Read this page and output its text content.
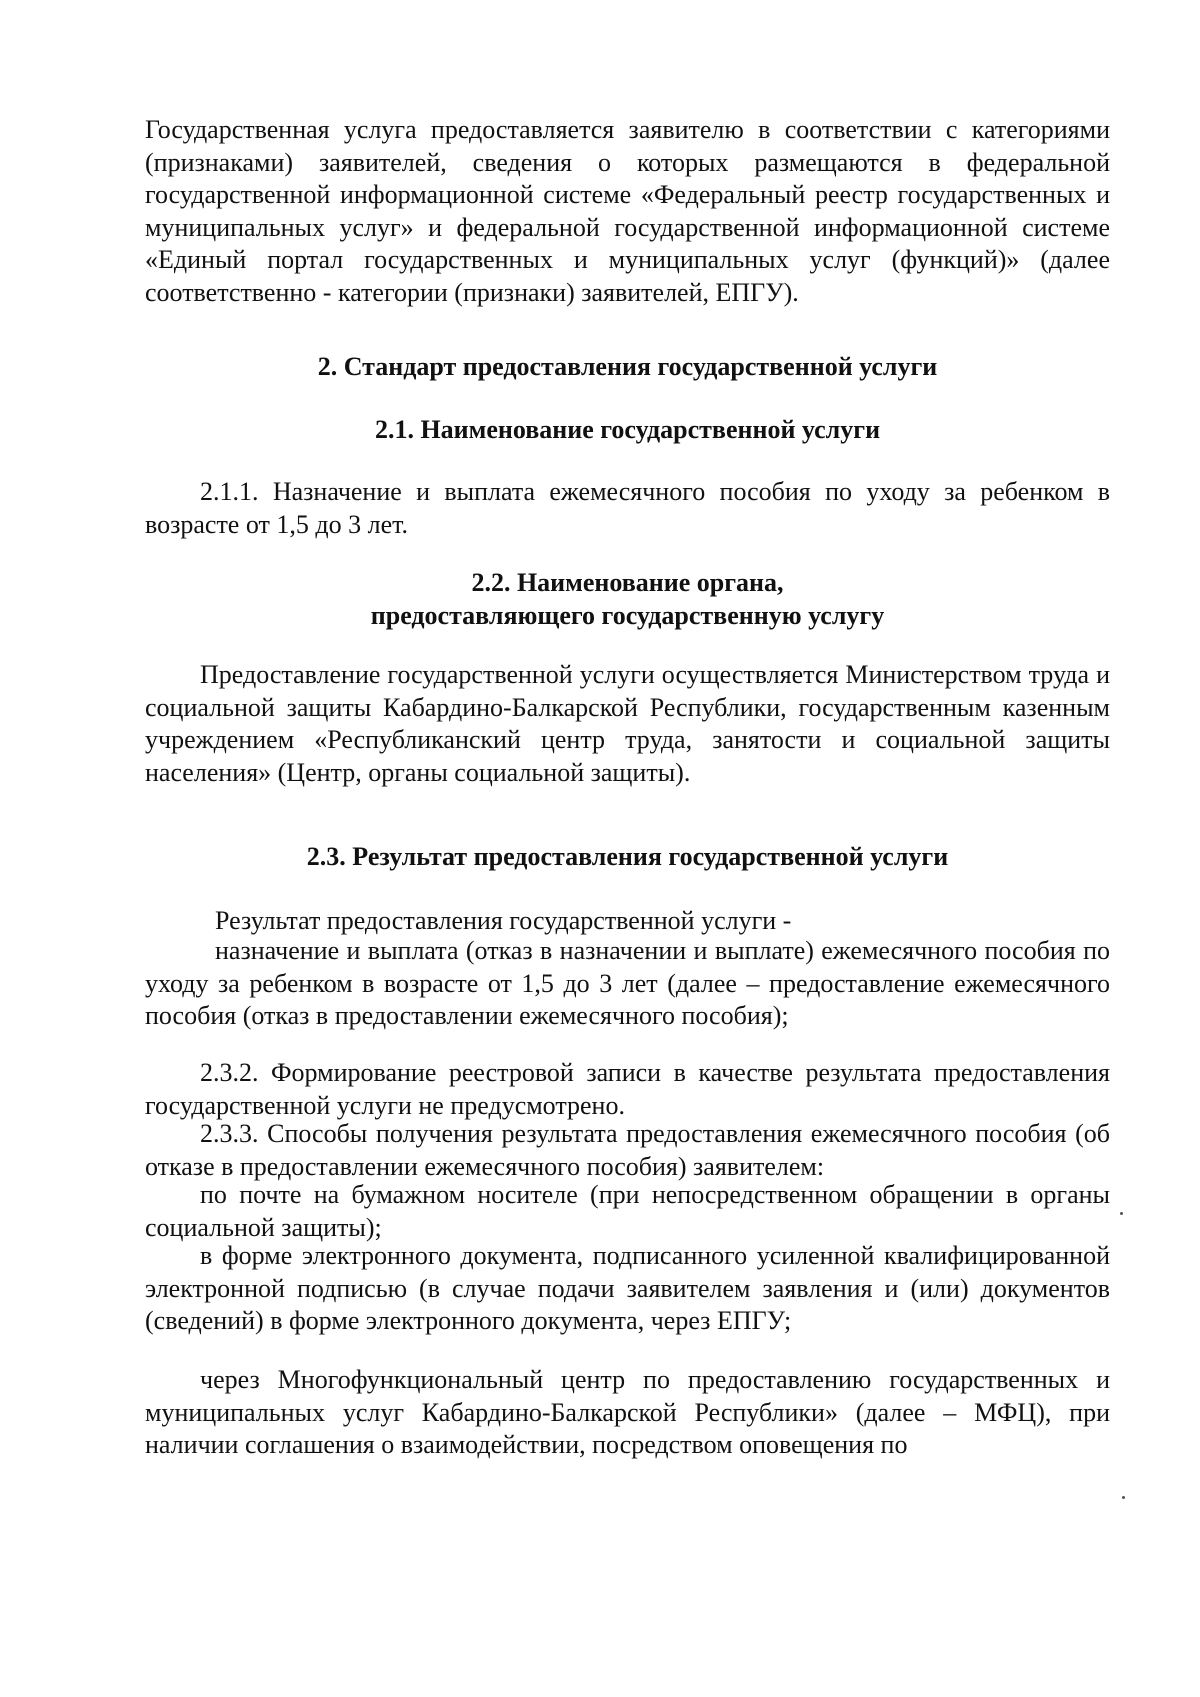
Государственная услуга предоставляется заявителю в соответствии с категориями (признаками) заявителей, сведения о которых размещаются в федеральной государственной информационной системе «Федеральный реестр государственных и муниципальных услуг» и федеральной государственной информационной системе «Единый портал государственных и муниципальных услуг (функций)» (далее соответственно - категории (признаки) заявителей, ЕПГУ).
2. Стандарт предоставления государственной услуги
2.1. Наименование государственной услуги
2.1.1. Назначение и выплата ежемесячного пособия по уходу за ребенком в возрасте от 1,5 до 3 лет.
2.2. Наименование органа,
предоставляющего государственную услугу
Предоставление государственной услуги осуществляется Министерством труда и социальной защиты Кабардино-Балкарской Республики, государственным казенным учреждением «Республиканский центр труда, занятости и социальной защиты населения» (Центр, органы социальной защиты).
2.3. Результат предоставления государственной услуги
Результат предоставления государственной услуги -
назначение и выплата (отказ в назначении и выплате) ежемесячного пособия по уходу за ребенком в возрасте от 1,5 до 3 лет (далее – предоставление ежемесячного пособия (отказ в предоставлении ежемесячного пособия);
2.3.2. Формирование реестровой записи в качестве результата предоставления государственной услуги не предусмотрено.
2.3.3. Способы получения результата предоставления ежемесячного пособия (об отказе в предоставлении ежемесячного пособия) заявителем:
по почте на бумажном носителе (при непосредственном обращении в органы социальной защиты);
в форме электронного документа, подписанного усиленной квалифицированной электронной подписью (в случае подачи заявителем заявления и (или) документов (сведений) в форме электронного документа, через ЕПГУ;
через Многофункциональный центр по предоставлению государственных и муниципальных услуг Кабардино-Балкарской Республики» (далее – МФЦ), при наличии соглашения о взаимодействии, посредством оповещения по
